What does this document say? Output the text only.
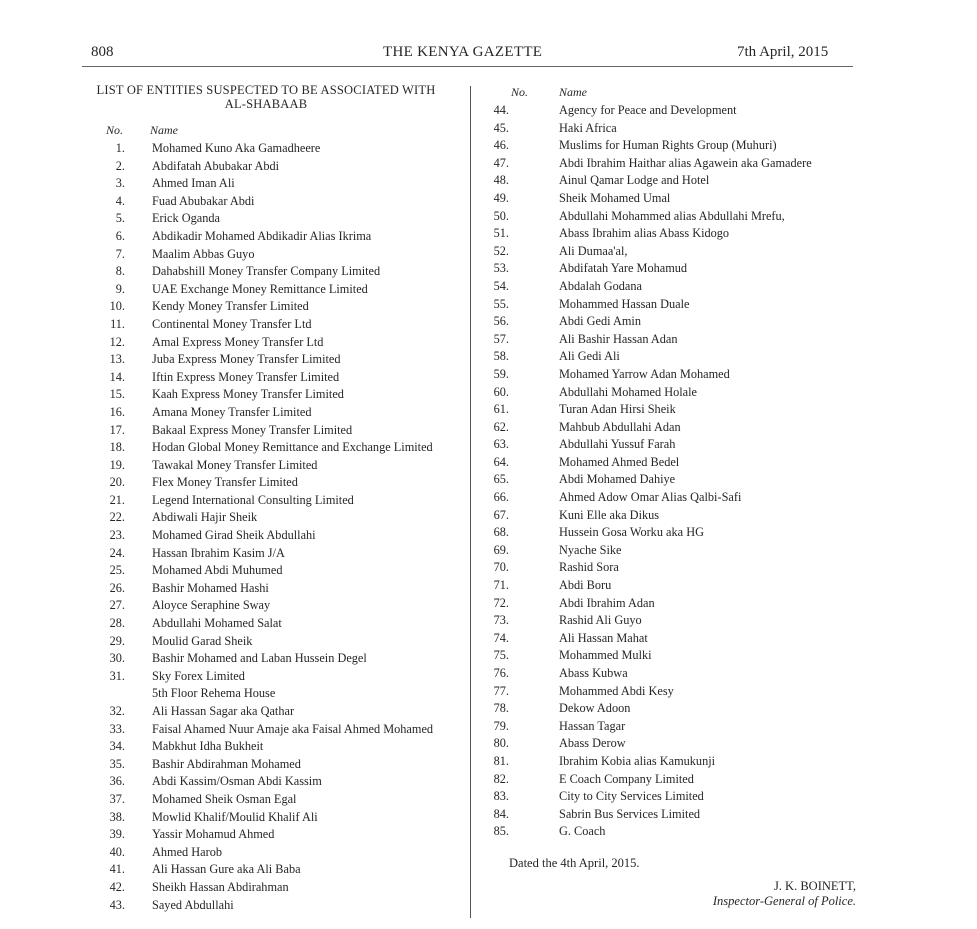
808	THE KENYA GAZETTE	7th April, 2015
LIST OF ENTITIES SUSPECTED TO BE ASSOCIATED WITH AL-SHABAAB
No. Name
No.	Name
1. Mohamed Kuno Aka Gamadheere
2. Abdifatah Abubakar Abdi
3. Ahmed Iman Ali
4. Fuad Abubakar Abdi
5. Erick Oganda
6. Abdikadir Mohamed Abdikadir Alias Ikrima
7. Maalim Abbas Guyo
8. Dahabshill Money Transfer Company Limited
9. UAE Exchange Money Remittance Limited
10. Kendy Money Transfer Limited
11. Continental Money Transfer Ltd
12. Amal Express Money Transfer Ltd
13. Juba Express Money Transfer Limited
14. Iftin Express Money Transfer Limited
15. Kaah Express Money Transfer Limited
16. Amana Money Transfer Limited
17. Bakaal Express Money Transfer Limited
18. Hodan Global Money Remittance and Exchange Limited
19. Tawakal Money Transfer Limited
20. Flex Money Transfer Limited
21. Legend International Consulting Limited
22. Abdiwali Hajir Sheik
23. Mohamed Girad Sheik Abdullahi
24. Hassan Ibrahim Kasim J/A
25. Mohamed Abdi Muhumed
26. Bashir Mohamed Hashi
27. Aloyce Seraphine Sway
28. Abdullahi Mohamed Salat
29. Moulid Garad Sheik
30. Bashir Mohamed and Laban Hussein Degel
31. Sky Forex Limited
5th Floor Rehema House
32. Ali Hassan Sagar aka Qathar
33. Faisal Ahamed Nuur Amaje aka Faisal Ahmed Mohamed
34. Mabkhut Idha Bukheit
35. Bashir Abdirahman Mohamed
36. Abdi Kassim/Osman Abdi Kassim
37. Mohamed Sheik Osman Egal
38. Mowlid Khalif/Moulid Khalif Ali
39. Yassir Mohamud Ahmed
40. Ahmed Harob
41. Ali Hassan Gure aka Ali Baba
42. Sheikh Hassan Abdirahman
43. Sayed Abdullahi
44.	Agency for Peace and Development
45.	Haki Africa
46.	Muslims for Human Rights Group (Muhuri)
47.	Abdi Ibrahim Haithar alias Agawein aka Gamadere
48.	Ainul Qamar Lodge and Hotel
49.	Sheik Mohamed Umal
50.	Abdullahi Mohammed alias Abdullahi Mrefu,
51.	Abass Ibrahim alias Abass Kidogo
52.	Ali Dumaa'al,
53.	Abdifatah Yare Mohamud
54.	Abdalah Godana
55.	Mohammed Hassan Duale
56.	Abdi Gedi Amin
57.	Ali Bashir Hassan Adan
58.	Ali Gedi Ali
59.	Mohamed Yarrow Adan Mohamed
60.	Abdullahi Mohamed Holale
61.	Turan Adan Hirsi Sheik
62.	Mahbub Abdullahi Adan
63.	Abdullahi Yussuf Farah
64.	Mohamed Ahmed Bedel
65.	Abdi Mohamed Dahiye
66.	Ahmed Adow Omar Alias Qalbi-Safi
67.	Kuni Elle aka Dikus
68.	Hussein Gosa Worku aka HG
69.	Nyache Sike
70.	Rashid Sora
71.	Abdi Boru
72.	Abdi Ibrahim Adan
73.	Rashid Ali Guyo
74.	Ali Hassan Mahat
75.	Mohammed Mulki
76.	Abass Kubwa
77.	Mohammed Abdi Kesy
78.	Dekow Adoon
79.	Hassan Tagar
80.	Abass Derow
81.	Ibrahim Kobia alias Kamukunji
82.	E Coach Company Limited
83.	City to City Services Limited
84.	Sabrin Bus Services Limited
85.	G. Coach
Dated the 4th April, 2015.
J. K. BOINETT,
Inspector-General of Police.
